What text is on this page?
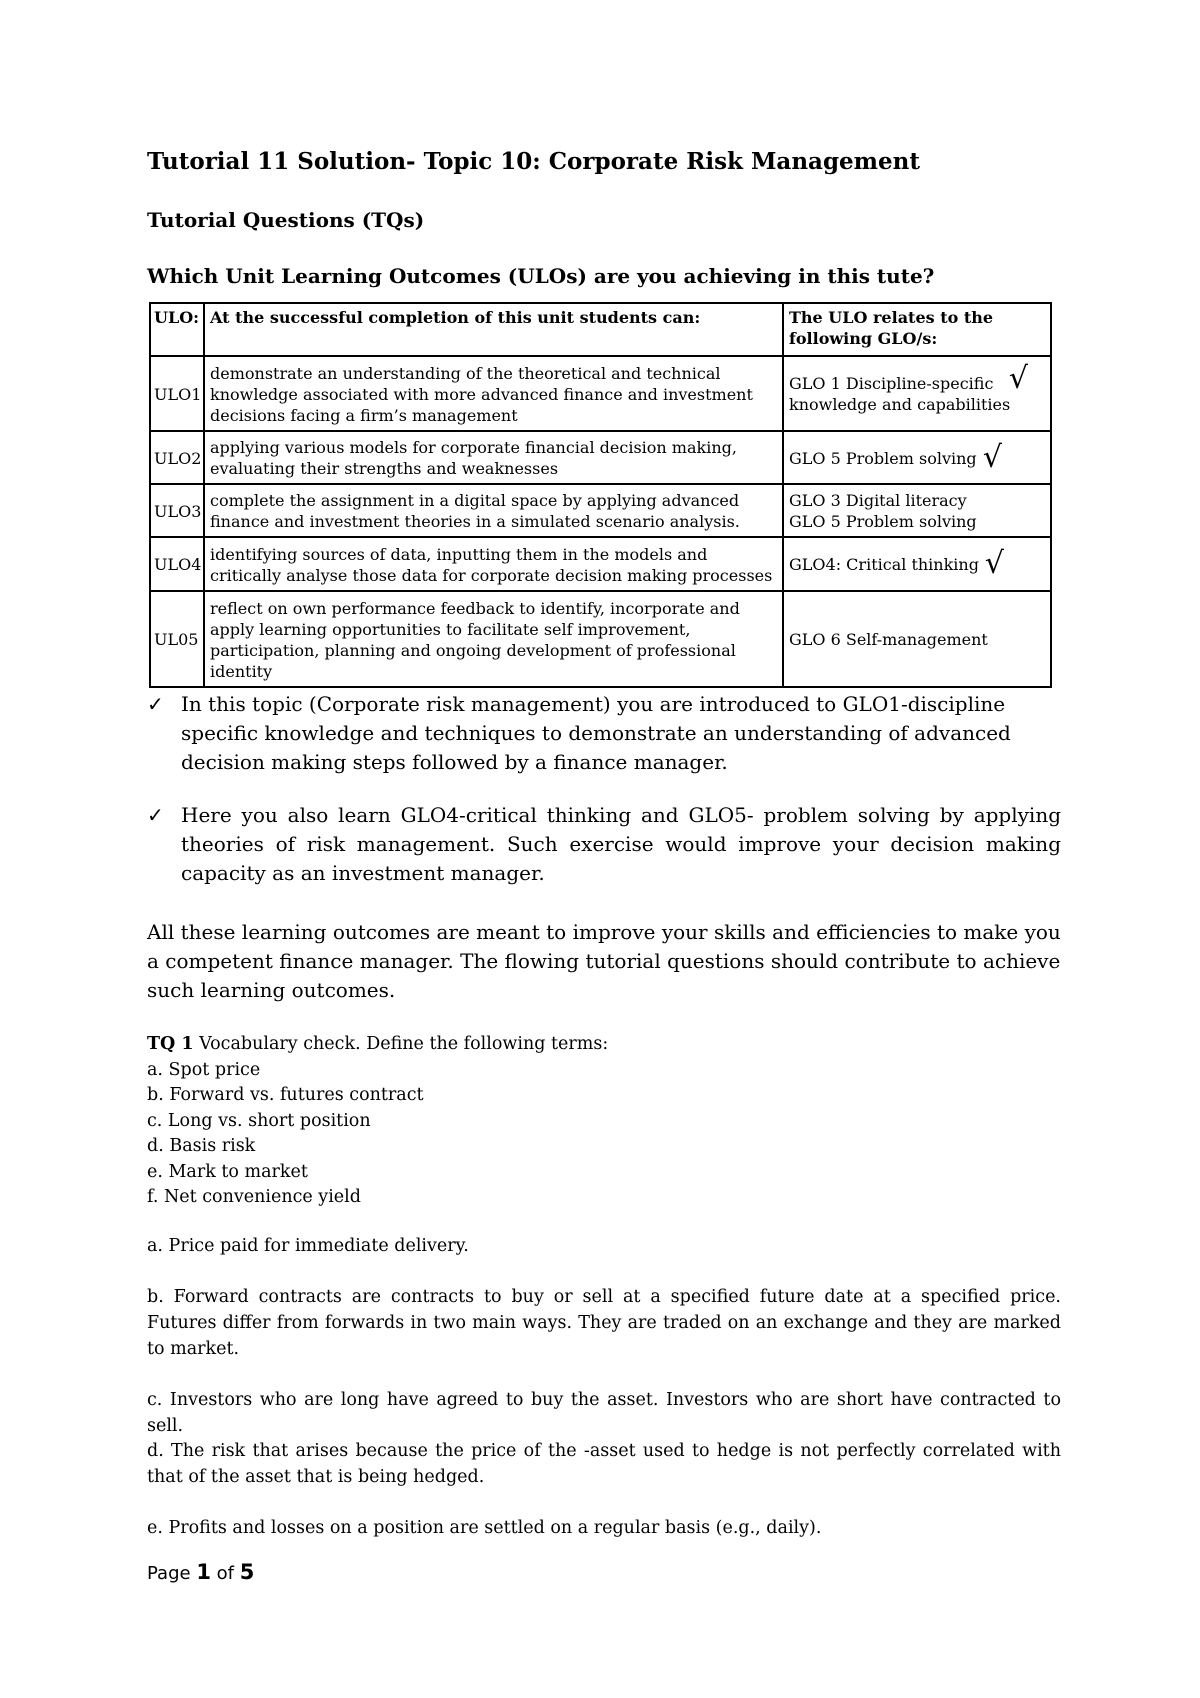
Tutorial 11 Solution- Topic 10: Corporate Risk Management
Tutorial Questions (TQs)
Which Unit Learning Outcomes (ULOs) are you achieving in this tute?
ULO:	At the successful completion of this unit students can:	The ULO relates to the following GLO/s:
ULO1	demonstrate an understanding of the theoretical and technical knowledge associated with more advanced finance and investment decisions facing a firm’s management	GLO 1 Discipline-specific knowledge and capabilities
√

ULO2	applying various models for corporate financial decision making, evaluating their strengths and weaknesses	GLO 5 Problem solving √

ULO3	complete the assignment in a digital space by applying advanced finance and investment theories in a simulated scenario analysis.	GLO 3 Digital literacy
GLO 5 Problem solving

ULO4	identifying sources of data, inputting them in the models and critically analyse those data for corporate decision making processes	GLO4: Critical thinking √

UL05	reflect on own performance feedback to identify, incorporate and apply learning opportunities to facilitate self improvement, participation, planning and ongoing development of professional identity	GLO 6 Self-management
✓ In this topic (Corporate risk management) you are introduced to GLO1-discipline specific knowledge and techniques to demonstrate an understanding of advanced decision making steps followed by a finance manager.
✓ Here you also learn GLO4-critical thinking and GLO5- problem solving by applying theories of risk management. Such exercise would improve your decision making capacity as an investment manager.
All these learning outcomes are meant to improve your skills and efficiencies to make you a competent finance manager. The flowing tutorial questions should contribute to achieve such learning outcomes.
TQ 1 Vocabulary check. Define the following terms:
a. Spot price
b. Forward vs. futures contract
c. Long vs. short position
d. Basis risk
e. Mark to market
f. Net convenience yield
a. Price paid for immediate delivery.
b. Forward contracts are contracts to buy or sell at a specified future date at a specified price. Futures differ from forwards in two main ways. They are traded on an exchange and they are marked to market.
c. Investors who are long have agreed to buy the asset. Investors who are short have contracted to sell.
d. The risk that arises because the price of the -asset used to hedge is not perfectly correlated with that of the asset that is being hedged.
e. Profits and losses on a position are settled on a regular basis (e.g., daily).
Page 1 of 5
